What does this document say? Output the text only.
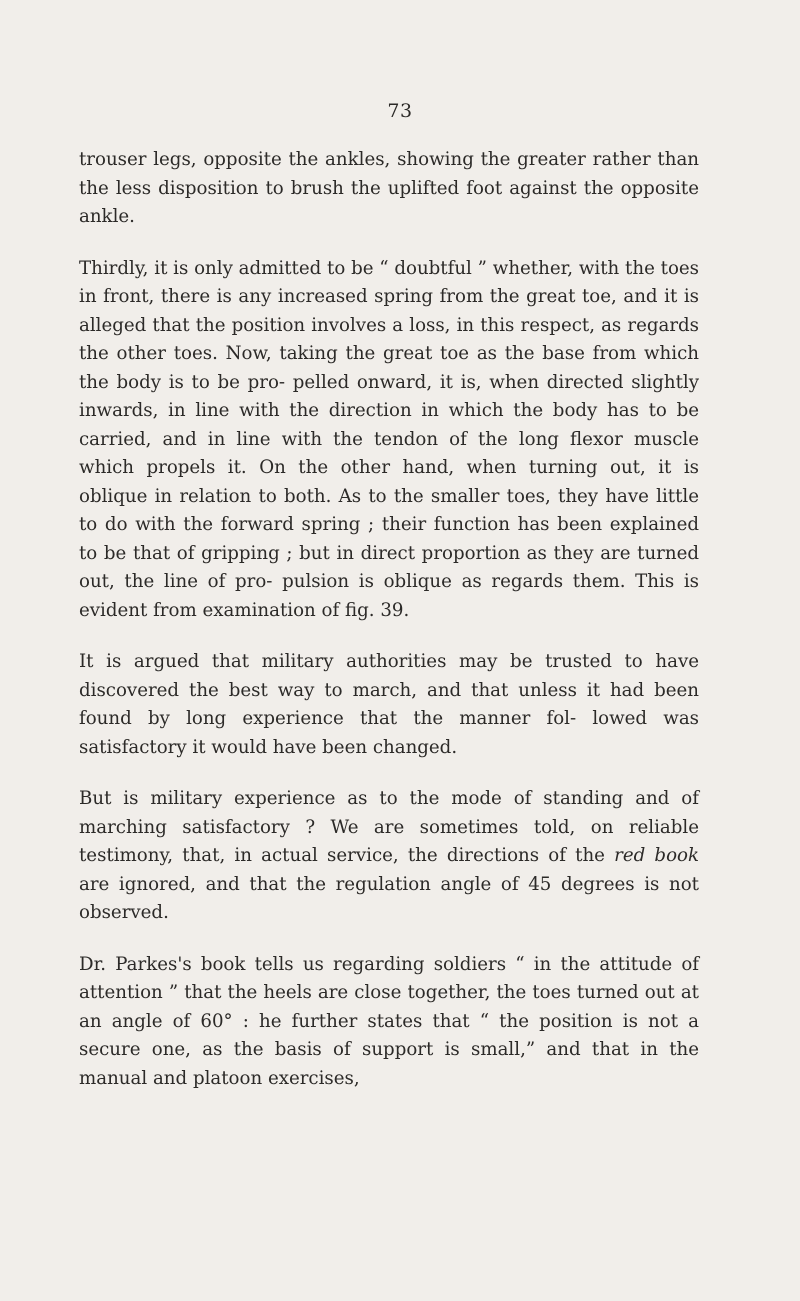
73

trouser legs, opposite the ankles, showing the greater rather than the less disposition to brush the uplifted foot against the opposite ankle.

Thirdly, it is only admitted to be “ doubtful ” whether, with the toes in front, there is any increased spring from the great toe, and it is alleged that the position involves a loss, in this respect, as regards the other toes. Now, taking the great toe as the base from which the body is to be pro- pelled onward, it is, when directed slightly inwards, in line with the direction in which the body has to be carried, and in line with the tendon of the long flexor muscle which propels it. On the other hand, when turning out, it is oblique in relation to both. As to the smaller toes, they have little to do with the forward spring ; their function has been explained to be that of gripping ; but in direct proportion as they are turned out, the line of pro- pulsion is oblique as regards them. This is evident from examination of fig. 39.

It is argued that military authorities may be trusted to have discovered the best way to march, and that unless it had been found by long experience that the manner fol- lowed was satisfactory it would have been changed.

But is military experience as to the mode of standing and of marching satisfactory ? We are sometimes told, on reliable testimony, that, in actual service, the directions of the red book are ignored, and that the regulation angle of 45 degrees is not observed.

Dr. Parkes's book tells us regarding soldiers “ in the attitude of attention ” that the heels are close together, the toes turned out at an angle of 60° : he further states that “ the position is not a secure one, as the basis of support is small,” and that in the manual and platoon exercises,
